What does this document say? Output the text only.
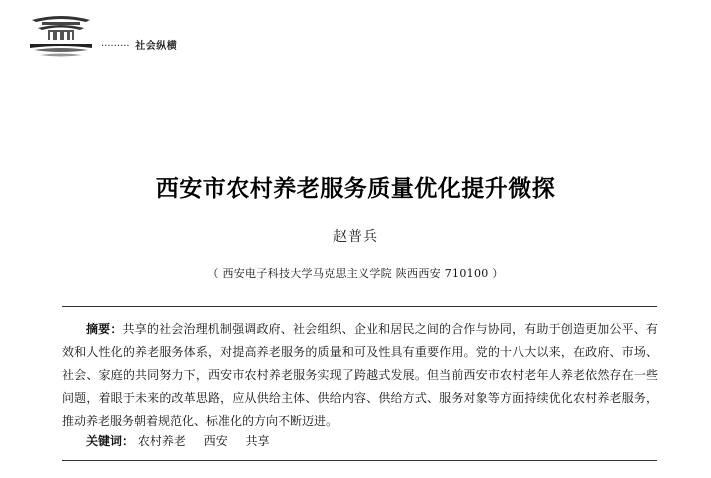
········· 社会纵横
西安市农村养老服务质量优化提升微探
赵普兵
（ 西安电子科技大学马克思主义学院 陕西西安 710100 ）

摘要：共享的社会治理机制强调政府、社会组织、企业和居民之间的合作与协同，有助于创造更加公平、有效和人性化的养老服务体系，对提高养老服务的质量和可及性具有重要作用。党的十八大以来，在政府、市场、社会、家庭的共同努力下，西安市农村养老服务实现了跨越式发展。但当前西安市农村老年人养老依然存在一些问题，着眼于未来的改革思路，应从供给主体、供给内容、供给方式、服务对象等方面持续优化农村养老服务，推动养老服务朝着规范化、标准化的方向不断迈进。

关键词： 农村养老 西安 共享
